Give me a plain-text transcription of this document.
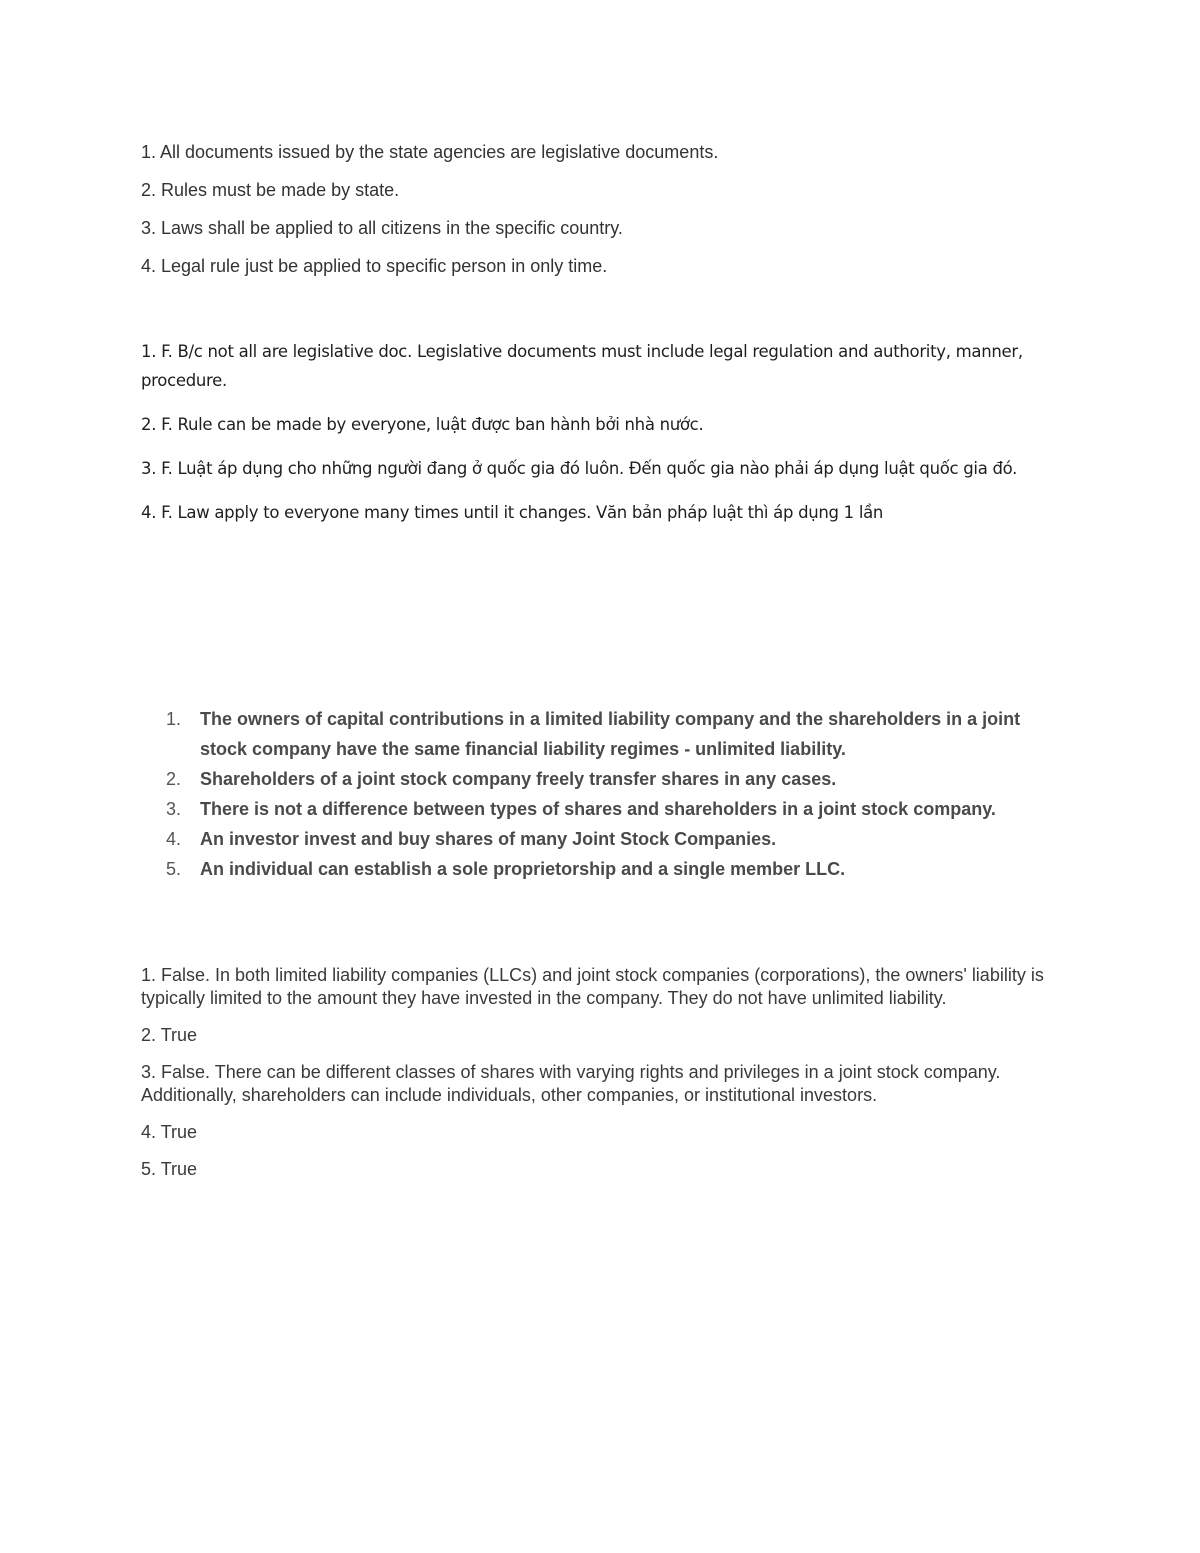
1. All documents issued by the state agencies are legislative documents.

2. Rules must be made by state.

3. Laws shall be applied to all citizens in the specific country.

4. Legal rule just be applied to specific person in only time.

1. F. B/c not all are legislative doc. Legislative documents must include legal regulation and authority, manner, procedure.

2. F. Rule can be made by everyone, luật được ban hành bởi nhà nước.

3. F. Luật áp dụng cho những người đang ở quốc gia đó luôn. Đến quốc gia nào phải áp dụng luật quốc gia đó.

4. F. Law apply to everyone many times until it changes. Văn bản pháp luật thì áp dụng 1 lần

1. The owners of capital contributions in a limited liability company and the shareholders in a joint stock company have the same financial liability regimes - unlimited liability.
2. Shareholders of a joint stock company freely transfer shares in any cases.
3. There is not a difference between types of shares and shareholders in a joint stock company.
4. An investor invest and buy shares of many Joint Stock Companies.
5. An individual can establish a sole proprietorship and a single member LLC.

1. False. In both limited liability companies (LLCs) and joint stock companies (corporations), the owners' liability is typically limited to the amount they have invested in the company. They do not have unlimited liability.

2. True

3. False. There can be different classes of shares with varying rights and privileges in a joint stock company. Additionally, shareholders can include individuals, other companies, or institutional investors.

4. True

5. True
